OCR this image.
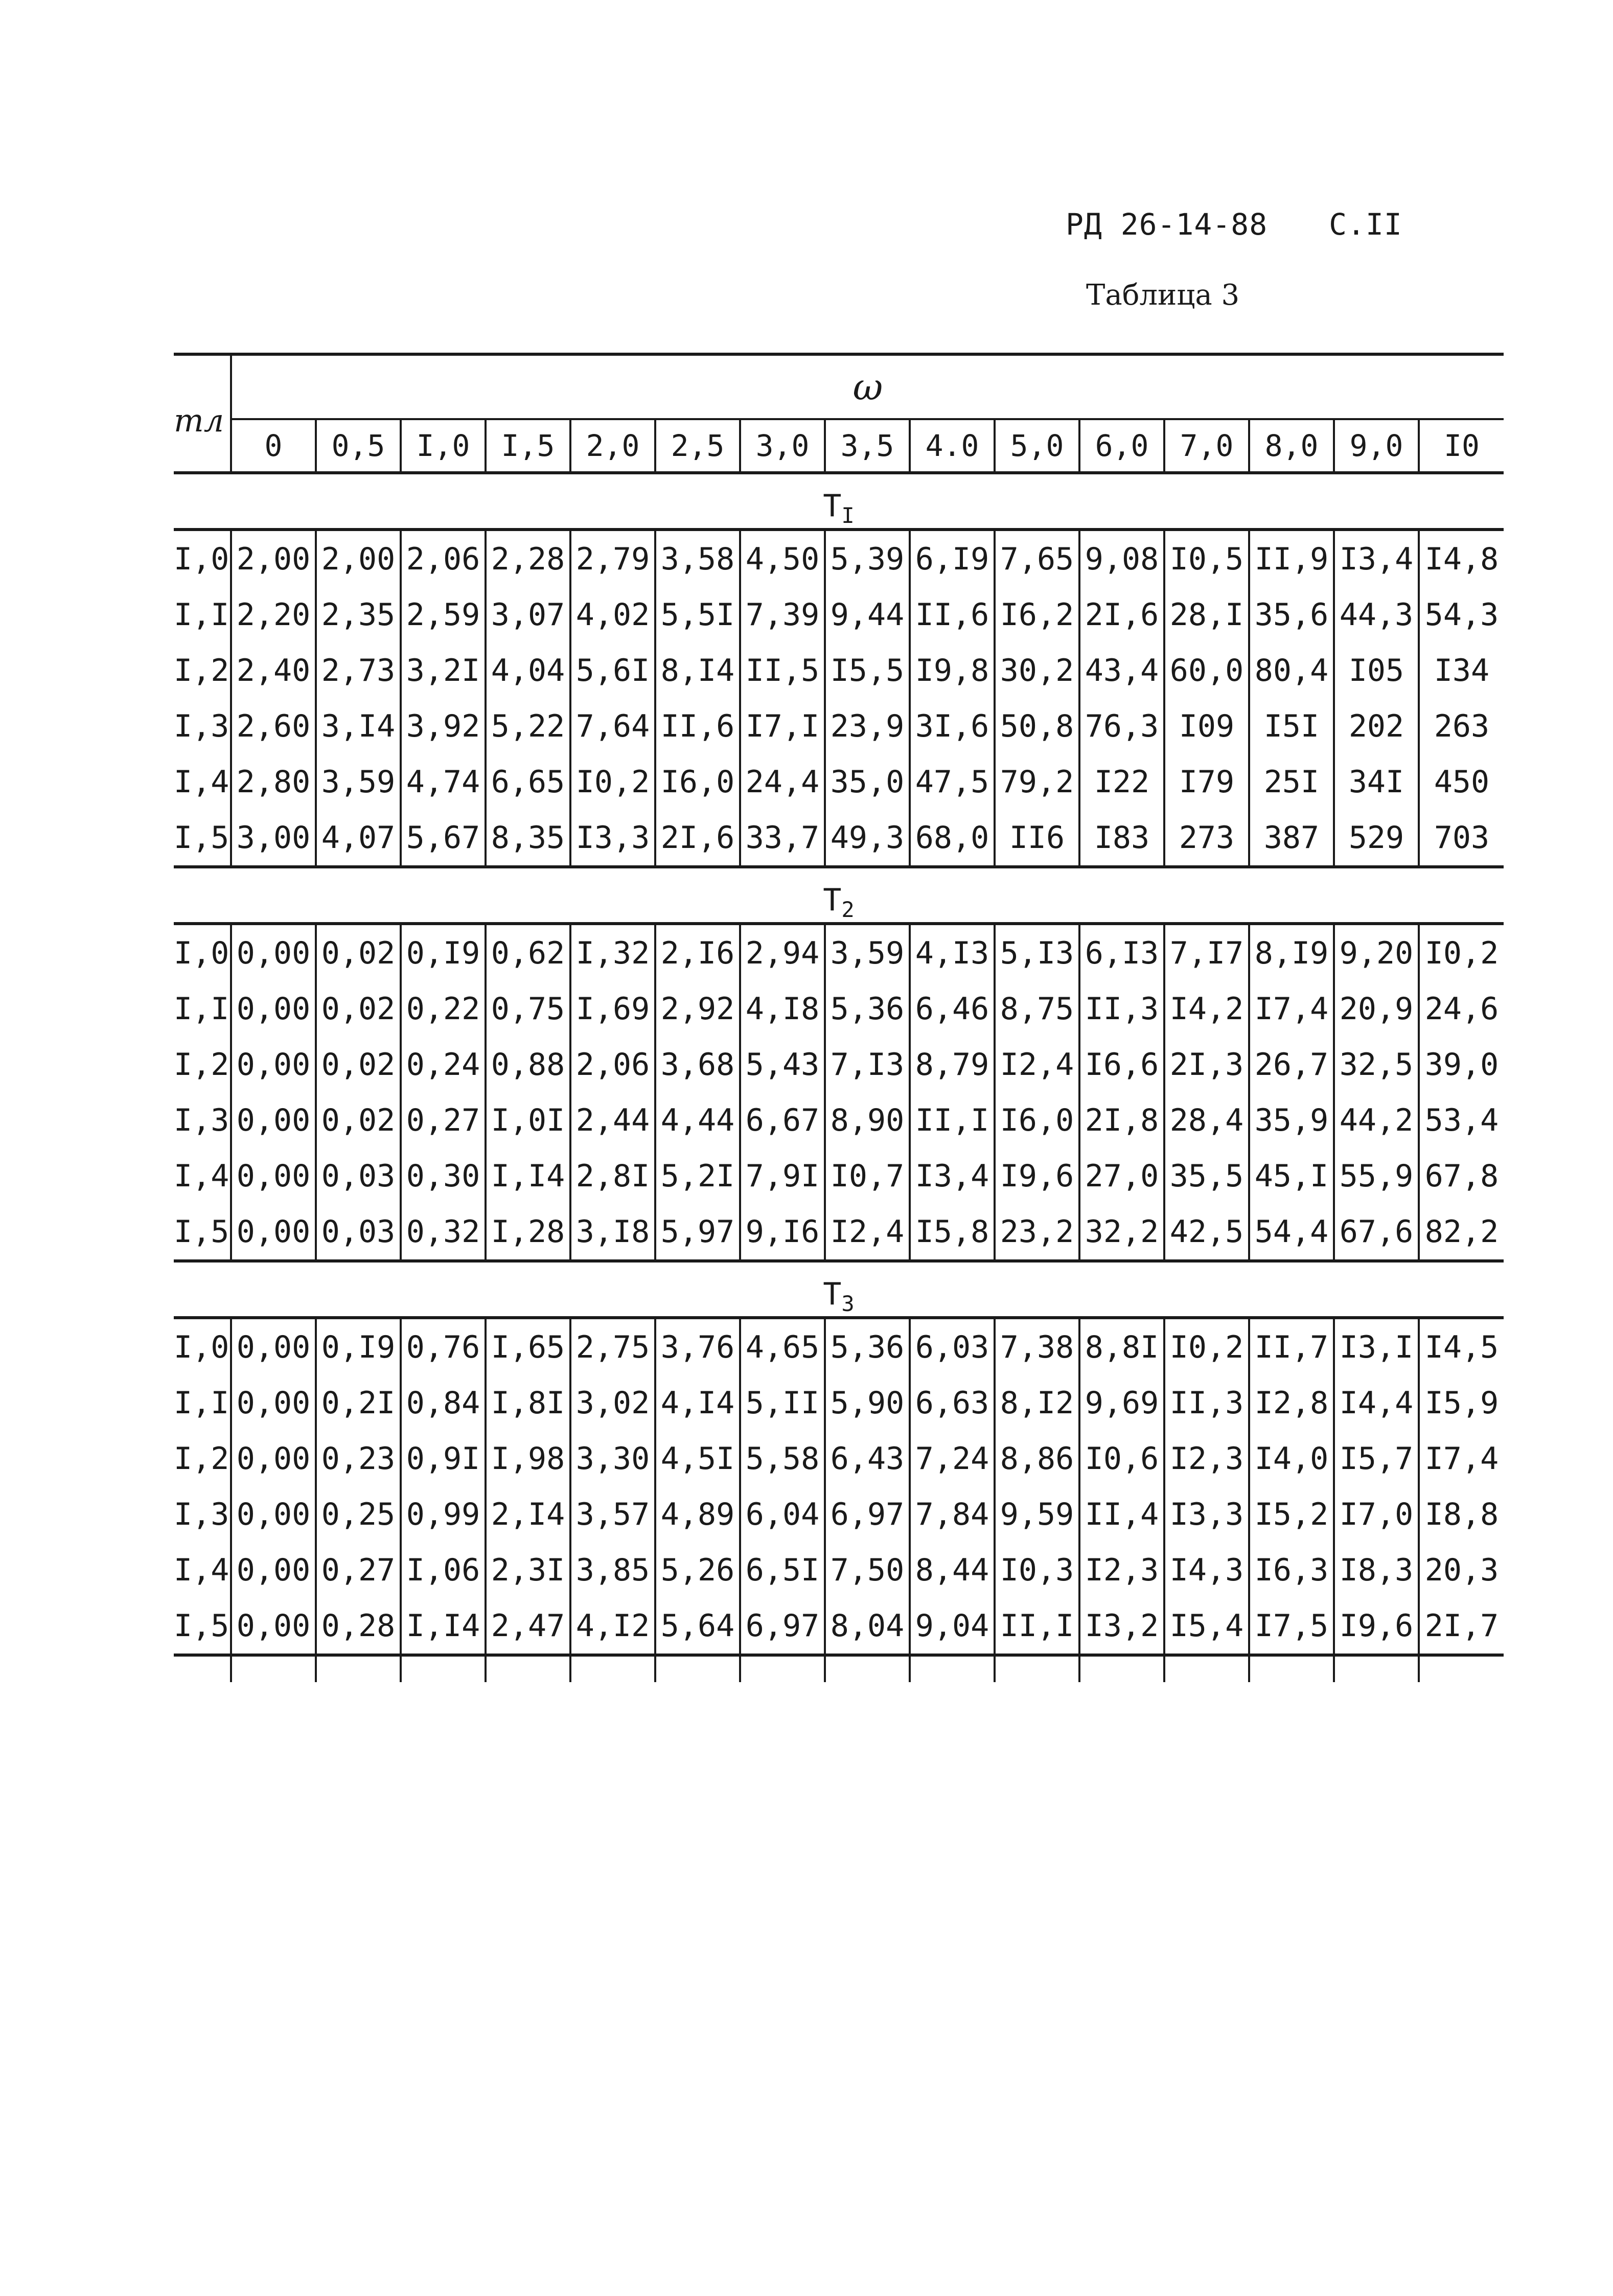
РД 26-14-88 С.II
Таблица 3
mл	ω														
	0	0,5	I,0	I,5	2,0	2,5	3,0	3,5	4.0	5,0	6,0	7,0	8,0	9,0	I0
$T_I$
I,0	2,00	2,00	2,06	2,28	2,79	3,58	4,50	5,39	6,I9	7,65	9,08	I0,5	II,9	I3,4	I4,8
I,I	2,20	2,35	2,59	3,07	4,02	5,5I	7,39	9,44	II,6	I6,2	2I,6	28,I	35,6	44,3	54,3
I,2	2,40	2,73	3,2I	4,04	5,6I	8,I4	II,5	I5,5	I9,8	30,2	43,4	60,0	80,4	I05	I34
I,3	2,60	3,I4	3,92	5,22	7,64	II,6	I7,I	23,9	3I,6	50,8	76,3	I09	I5I	202	263
I,4	2,80	3,59	4,74	6,65	I0,2	I6,0	24,4	35,0	47,5	79,2	I22	I79	25I	34I	450
I,5	3,00	4,07	5,67	8,35	I3,3	2I,6	33,7	49,3	68,0	II6	I83	273	387	529	703
$T_2$
I,0	0,00	0,02	0,I9	0,62	I,32	2,I6	2,94	3,59	4,I3	5,I3	6,I3	7,I7	8,I9	9,20	I0,2
I,I	0,00	0,02	0,22	0,75	I,69	2,92	4,I8	5,36	6,46	8,75	II,3	I4,2	I7,4	20,9	24,6
I,2	0,00	0,02	0,24	0,88	2,06	3,68	5,43	7,I3	8,79	I2,4	I6,6	2I,3	26,7	32,5	39,0
I,3	0,00	0,02	0,27	I,0I	2,44	4,44	6,67	8,90	II,I	I6,0	2I,8	28,4	35,9	44,2	53,4
I,4	0,00	0,03	0,30	I,I4	2,8I	5,2I	7,9I	I0,7	I3,4	I9,6	27,0	35,5	45,I	55,9	67,8
I,5	0,00	0,03	0,32	I,28	3,I8	5,97	9,I6	I2,4	I5,8	23,2	32,2	42,5	54,4	67,6	82,2
$T_3$
I,0	0,00	0,I9	0,76	I,65	2,75	3,76	4,65	5,36	6,03	7,38	8,8I	I0,2	II,7	I3,I	I4,5
I,I	0,00	0,2I	0,84	I,8I	3,02	4,I4	5,II	5,90	6,63	8,I2	9,69	II,3	I2,8	I4,4	I5,9
I,2	0,00	0,23	0,9I	I,98	3,30	4,5I	5,58	6,43	7,24	8,86	I0,6	I2,3	I4,0	I5,7	I7,4
I,3	0,00	0,25	0,99	2,I4	3,57	4,89	6,04	6,97	7,84	9,59	II,4	I3,3	I5,2	I7,0	I8,8
I,4	0,00	0,27	I,06	2,3I	3,85	5,26	6,5I	7,50	8,44	I0,3	I2,3	I4,3	I6,3	I8,3	20,3
I,5	0,00	0,28	I,I4	2,47	4,I2	5,64	6,97	8,04	9,04	II,I	I3,2	I5,4	I7,5	I9,6	2I,7
